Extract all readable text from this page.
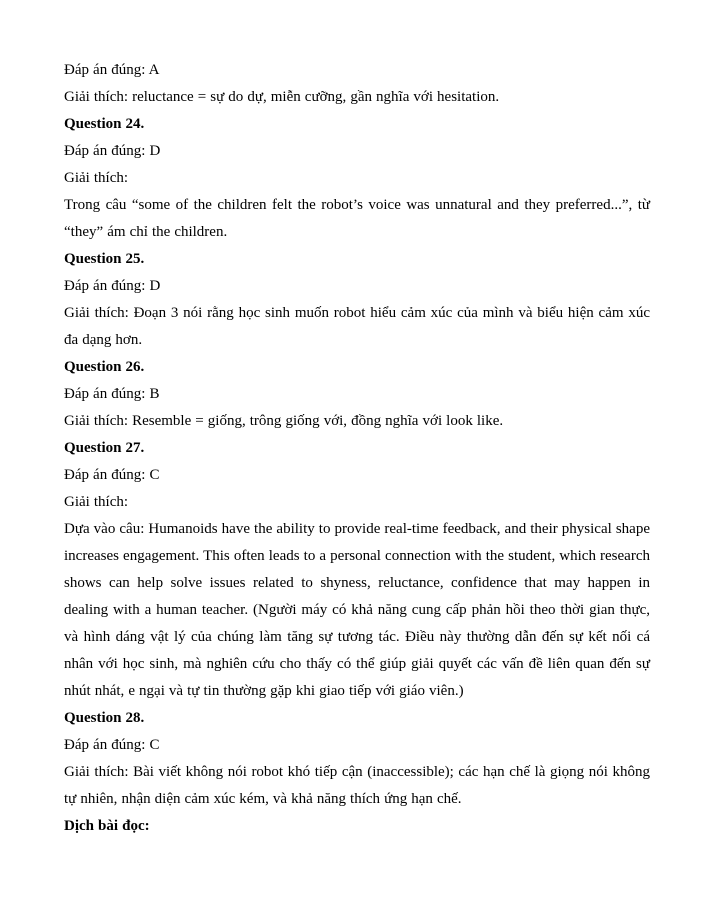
Đáp án đúng: A

Giải thích: reluctance = sự do dự, miễn cưỡng, gần nghĩa với hesitation.

Question 24.

Đáp án đúng: D

Giải thích:

Trong câu “some of the children felt the robot’s voice was unnatural and they preferred...”, từ “they” ám chỉ the children.

Question 25.

Đáp án đúng: D

Giải thích: Đoạn 3 nói rằng học sinh muốn robot hiểu cảm xúc của mình và biểu hiện cảm xúc đa dạng hơn.

Question 26.

Đáp án đúng: B

Giải thích: Resemble = giống, trông giống với, đồng nghĩa với look like.

Question 27.

Đáp án đúng: C

Giải thích:

Dựa vào câu: Humanoids have the ability to provide real-time feedback, and their physical shape increases engagement. This often leads to a personal connection with the student, which research shows can help solve issues related to shyness, reluctance, confidence that may happen in dealing with a human teacher. (Người máy có khả năng cung cấp phản hồi theo thời gian thực, và hình dáng vật lý của chúng làm tăng sự tương tác. Điều này thường dẫn đến sự kết nối cá nhân với học sinh, mà nghiên cứu cho thấy có thể giúp giải quyết các vấn đề liên quan đến sự nhút nhát, e ngại và tự tin thường gặp khi giao tiếp với giáo viên.)

Question 28.

Đáp án đúng: C

Giải thích: Bài viết không nói robot khó tiếp cận (inaccessible); các hạn chế là giọng nói không tự nhiên, nhận diện cảm xúc kém, và khả năng thích ứng hạn chế.

Dịch bài đọc:
